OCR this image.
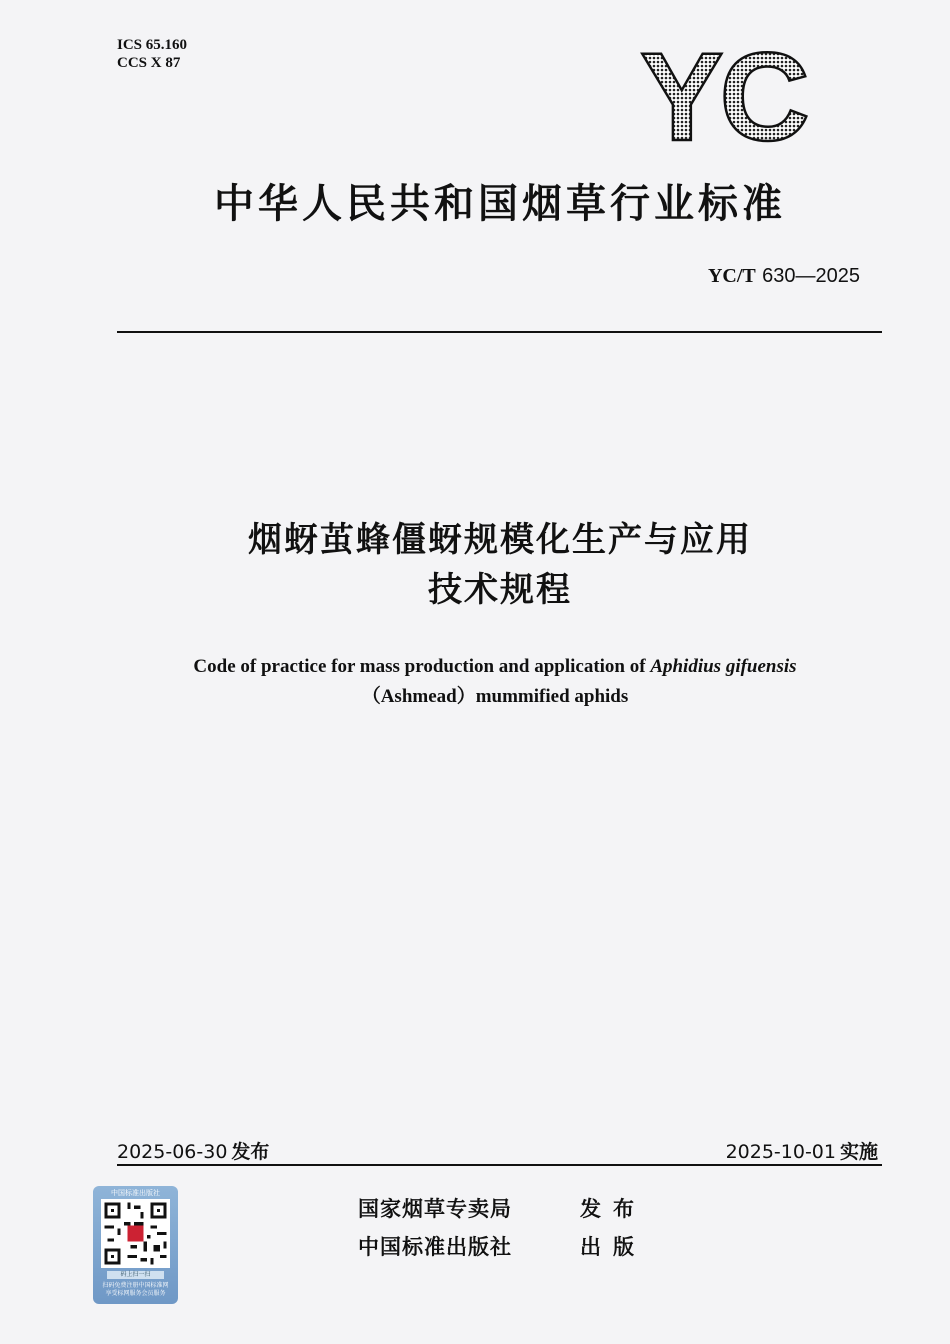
ICS 65.160
CCS X 87	YC
中华人民共和国烟草行业标准
YC/T 630—2025
烟蚜茧蜂僵蚜规模化生产与应用
技术规程
Code of practice for mass production and application of Aphidius gifuensis
（Ashmead）mummified aphids
2025-06-30 发布	2025-10-01 实施
中国标准出版社
码上扫一扫
扫码免费注册中国标准网
享受标网服务会员服务
国家烟草专卖局	发布
中国标准出版社	出版
